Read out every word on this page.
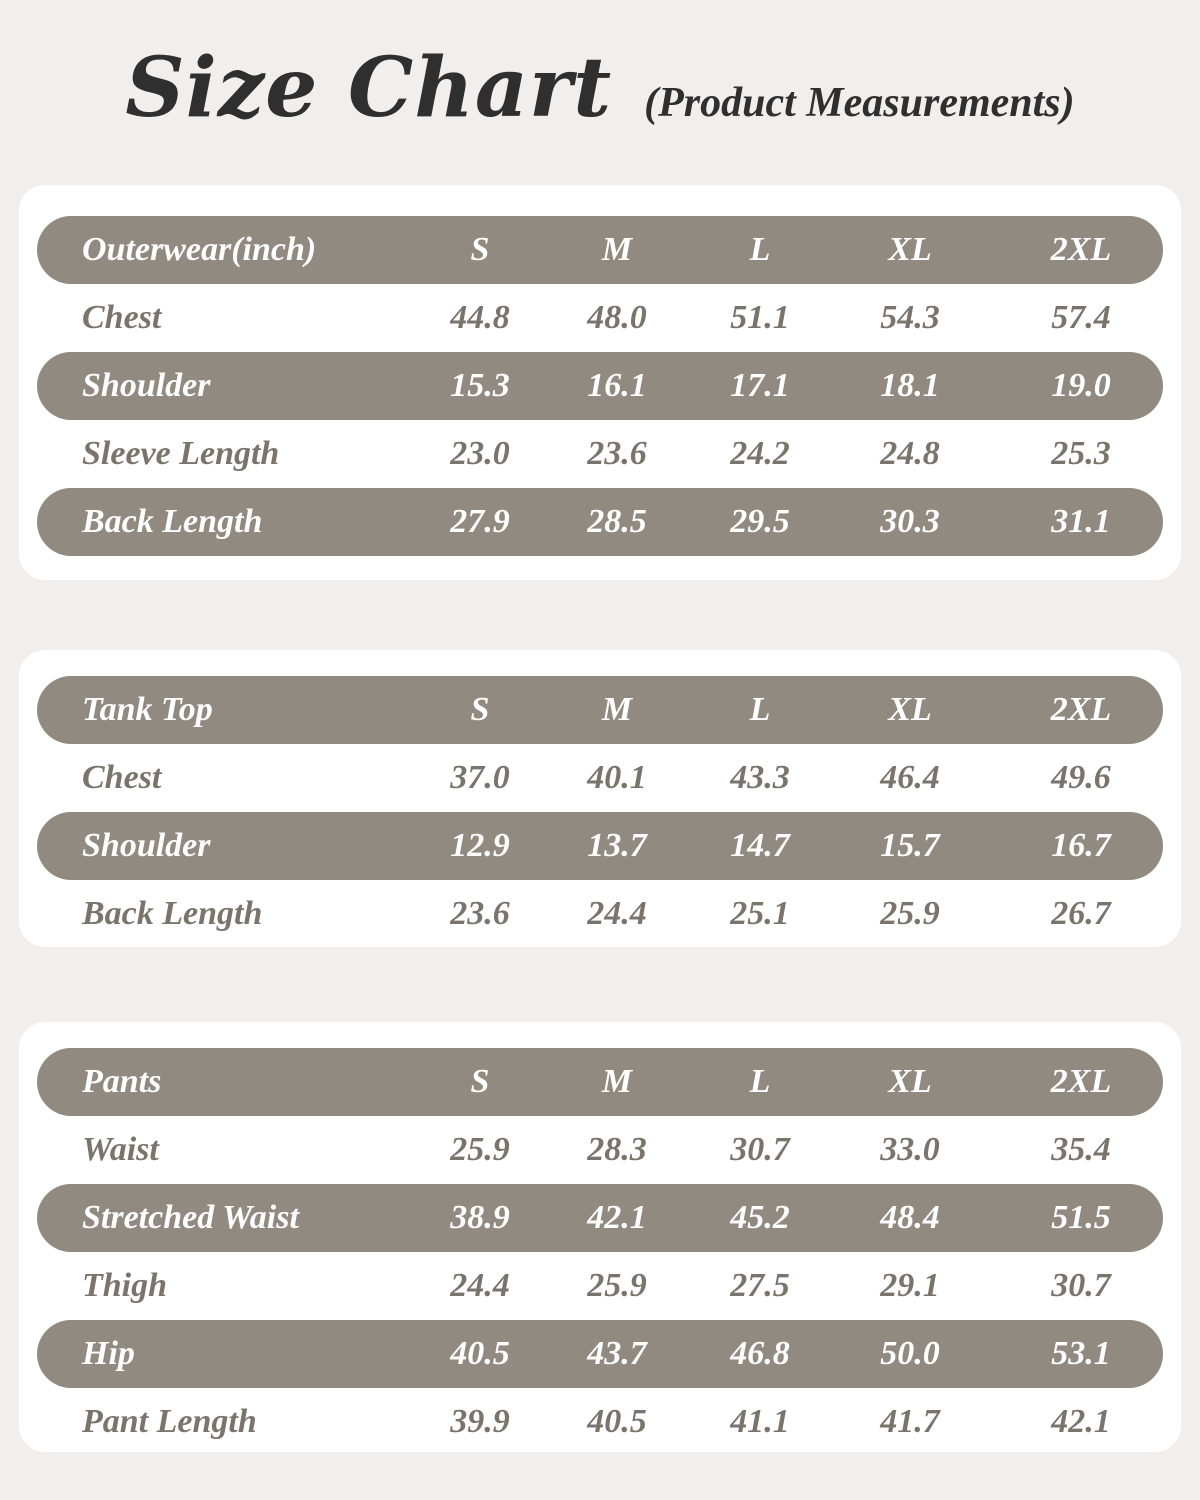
Size Chart (Product Measurements)
Outerwear(inch)	S	M	L	XL	2XL
Chest	44.8	48.0	51.1	54.3	57.4
Shoulder	15.3	16.1	17.1	18.1	19.0
Sleeve Length	23.0	23.6	24.2	24.8	25.3
Back Length	27.9	28.5	29.5	30.3	31.1
Tank Top	S	M	L	XL	2XL
Chest	37.0	40.1	43.3	46.4	49.6
Shoulder	12.9	13.7	14.7	15.7	16.7
Back Length	23.6	24.4	25.1	25.9	26.7
Pants	S	M	L	XL	2XL
Waist	25.9	28.3	30.7	33.0	35.4
Stretched Waist	38.9	42.1	45.2	48.4	51.5
Thigh	24.4	25.9	27.5	29.1	30.7
Hip	40.5	43.7	46.8	50.0	53.1
Pant Length	39.9	40.5	41.1	41.7	42.1
